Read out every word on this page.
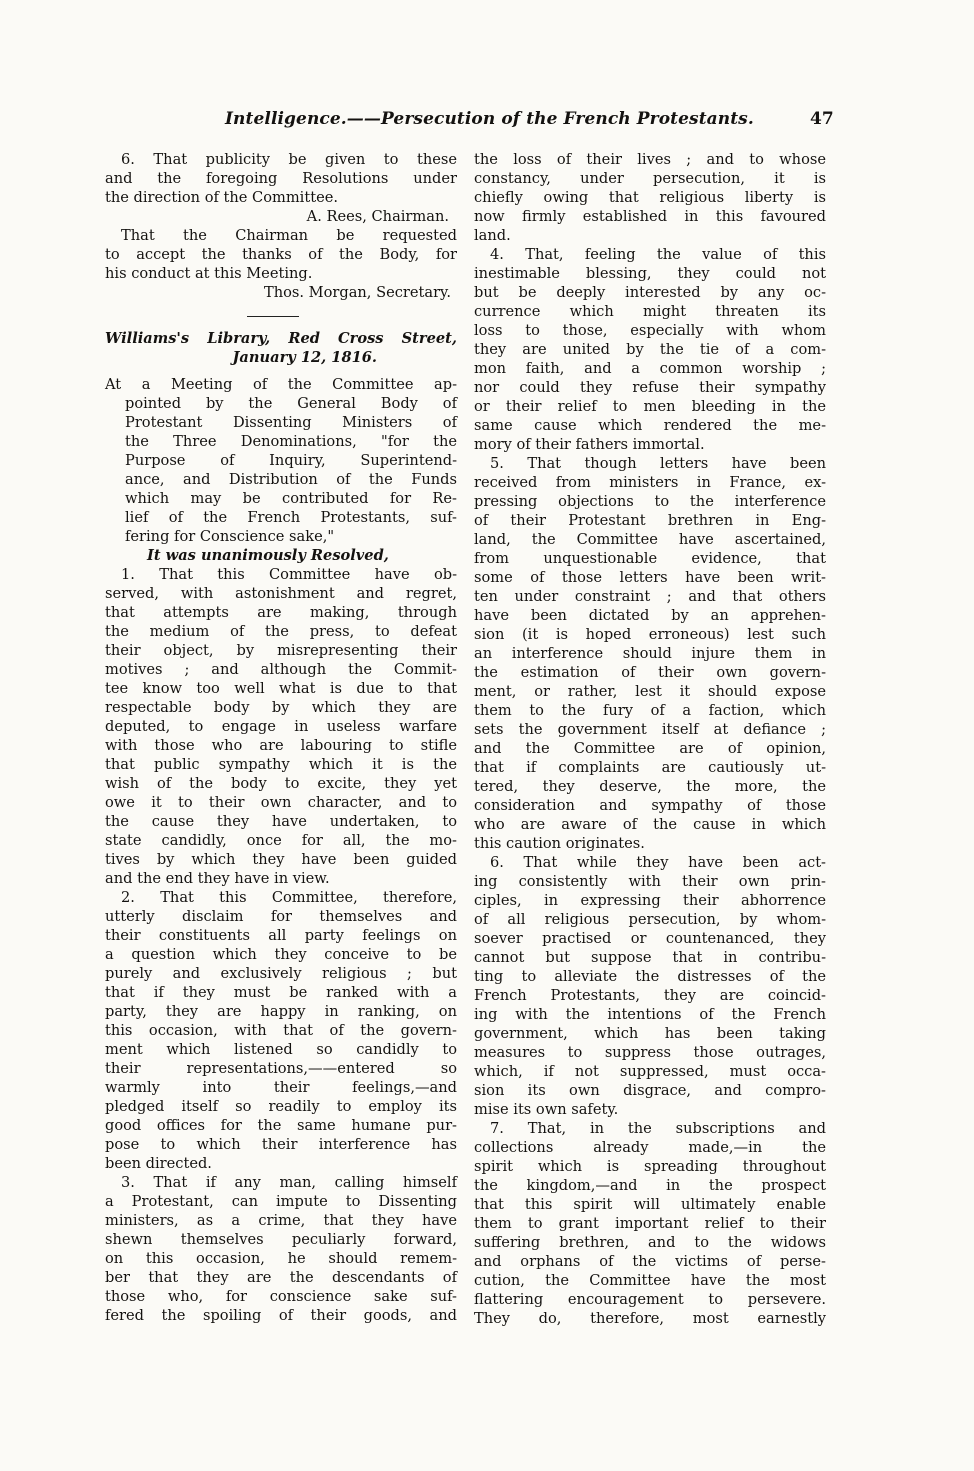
Intelligence.——Persecution of the French Protestants.	47
6. That publicity be given to these
and the foregoing Resolutions under
the direction of the Committee.
A. Rees, Chairman.
That the Chairman be requested
to accept the thanks of the Body, for
his conduct at this Meeting.
Thos. Morgan, Secretary.
Williams's Library, Red Cross Street,
January 12, 1816.
At a Meeting of the Committee ap-
pointed by the General Body of
Protestant Dissenting Ministers of
the Three Denominations, "for the
Purpose of Inquiry, Superintend-
ance, and Distribution of the Funds
which may be contributed for Re-
lief of the French Protestants, suf-
fering for Conscience sake,"
It was unanimously Resolved,
1. That this Committee have ob-
served, with astonishment and regret,
that attempts are making, through
the medium of the press, to defeat
their object, by misrepresenting their
motives ; and although the Commit-
tee know too well what is due to that
respectable body by which they are
deputed, to engage in useless warfare
with those who are labouring to stifle
that public sympathy which it is the
wish of the body to excite, they yet
owe it to their own character, and to
the cause they have undertaken, to
state candidly, once for all, the mo-
tives by which they have been guided
and the end they have in view.
2. That this Committee, therefore,
utterly disclaim for themselves and
their constituents all party feelings on
a question which they conceive to be
purely and exclusively religious ; but
that if they must be ranked with a
party, they are happy in ranking, on
this occasion, with that of the govern-
ment which listened so candidly to
their representations,——entered so
warmly into their feelings,—and
pledged itself so readily to employ its
good offices for the same humane pur-
pose to which their interference has
been directed.
3. That if any man, calling himself
a Protestant, can impute to Dissenting
ministers, as a crime, that they have
shewn themselves peculiarly forward,
on this occasion, he should remem-
ber that they are the descendants of
those who, for conscience sake suf-
fered the spoiling of their goods, and
the loss of their lives ; and to whose
constancy, under persecution, it is
chiefly owing that religious liberty is
now firmly established in this favoured
land.
4. That, feeling the value of this
inestimable blessing, they could not
but be deeply interested by any oc-
currence which might threaten its
loss to those, especially with whom
they are united by the tie of a com-
mon faith, and a common worship ;
nor could they refuse their sympathy
or their relief to men bleeding in the
same cause which rendered the me-
mory of their fathers immortal.
5. That though letters have been
received from ministers in France, ex-
pressing objections to the interference
of their Protestant brethren in Eng-
land, the Committee have ascertained,
from unquestionable evidence, that
some of those letters have been writ-
ten under constraint ; and that others
have been dictated by an apprehen-
sion (it is hoped erroneous) lest such
an interference should injure them in
the estimation of their own govern-
ment, or rather, lest it should expose
them to the fury of a faction, which
sets the government itself at defiance ;
and the Committee are of opinion,
that if complaints are cautiously ut-
tered, they deserve, the more, the
consideration and sympathy of those
who are aware of the cause in which
this caution originates.
6. That while they have been act-
ing consistently with their own prin-
ciples, in expressing their abhorrence
of all religious persecution, by whom-
soever practised or countenanced, they
cannot but suppose that in contribu-
ting to alleviate the distresses of the
French Protestants, they are coincid-
ing with the intentions of the French
government, which has been taking
measures to suppress those outrages,
which, if not suppressed, must occa-
sion its own disgrace, and compro-
mise its own safety.
7. That, in the subscriptions and
collections already made,—in the
spirit which is spreading throughout
the kingdom,—and in the prospect
that this spirit will ultimately enable
them to grant important relief to their
suffering brethren, and to the widows
and orphans of the victims of perse-
cution, the Committee have the most
flattering encouragement to persevere.
They do, therefore, most earnestly
